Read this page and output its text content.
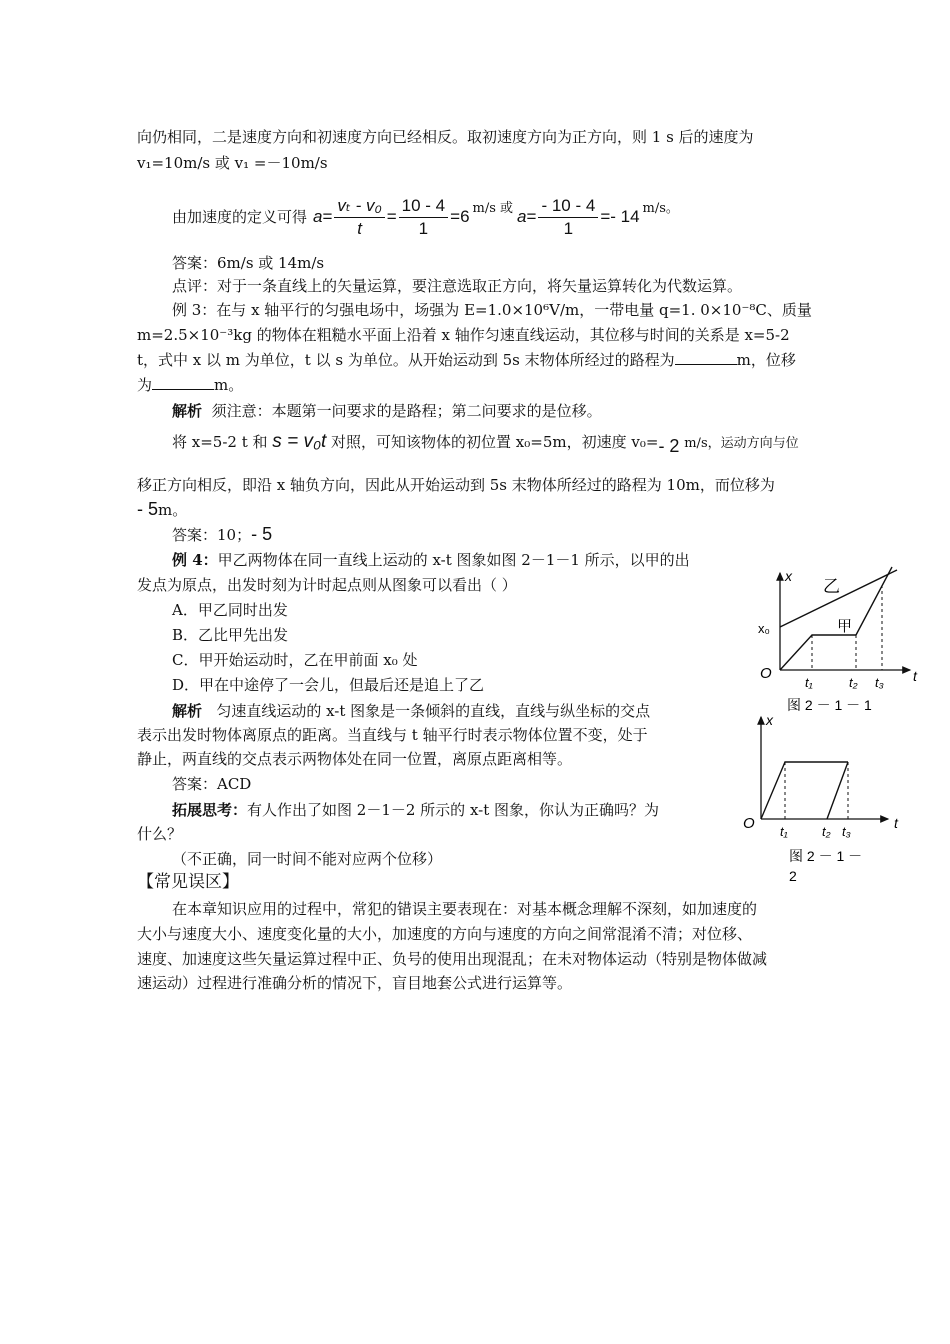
向仍相同，二是速度方向和初速度方向已经相反。取初速度方向为正方向，则 1 s 后的速度为
v₁=10m/s 或 v₁ =－10m/s
由加速度的定义可得 $a = \frac{\text{vₜ - v₀}}{t} = \frac{10 - 4}{1} =6$ m/s 或 $a = \frac{- 10 - 4}{1} =- 14$ m/s。
答案：6m/s 或 14m/s
点评：对于一条直线上的矢量运算，要注意选取正方向，将矢量运算转化为代数运算。
例 3：在与 x 轴平行的匀强电场中，场强为 E=1.0×10⁶V/m，一带电量 q=1. 0×10⁻⁸C、质量
m=2.5×10⁻³kg 的物体在粗糙水平面上沿着 x 轴作匀速直线运动，其位移与时间的关系是 x=5-2
t，式中 x 以 m 为单位，t 以 s 为单位。从开始运动到 5s 末物体所经过的路程为	m，位移
为	m。
解析 须注意：本题第一问要求的是路程；第二问要求的是位移。
将 x=5-2 t 和 s = v₀t 对照，可知该物体的初位置 x₀=5m，初速度 v₀=- 2 m/s，运动方向与位
移正方向相反，即沿 x 轴负方向，因此从开始运动到 5s 末物体所经过的路程为 10m，而位移为
- 5m。
答案：10；- 5
例 4：甲乙两物体在同一直线上运动的 x-t 图象如图 2－1－1 所示，以甲的出
发点为原点，出发时刻为计时起点则从图象可以看出（ ）
A．甲乙同时出发
B．乙比甲先出发
C．甲开始运动时，乙在甲前面 x₀ 处
D．甲在中途停了一会儿，但最后还是追上了乙
解析 匀速直线运动的 x-t 图象是一条倾斜的直线，直线与纵坐标的交点
表示出发时物体离原点的距离。当直线与 t 轴平行时表示物体位置不变，处于
静止，两直线的交点表示两物体处在同一位置，离原点距离相等。
答案：ACD
拓展思考：有人作出了如图 2－1－2 所示的 x-t 图象，你认为正确吗？为
什么？
（不正确，同一时间不能对应两个位移）
【常见误区】
在本章知识应用的过程中，常犯的错误主要表现在：对基本概念理解不深刻，如加速度的
大小与速度大小、速度变化量的大小，加速度的方向与速度的方向之间常混淆不清；对位移、
速度、加速度这些矢量运算过程中正、负号的使用出现混乱；在未对物体运动（特别是物体做减
速运动）过程进行准确分析的情况下，盲目地套公式进行运算等。
x
t
O
x₀
乙
甲
t₁	t₂ t₃
图 2 － 1 － 1
x
t
O t₁	t₂ t₃
图 2 － 1 －
2
